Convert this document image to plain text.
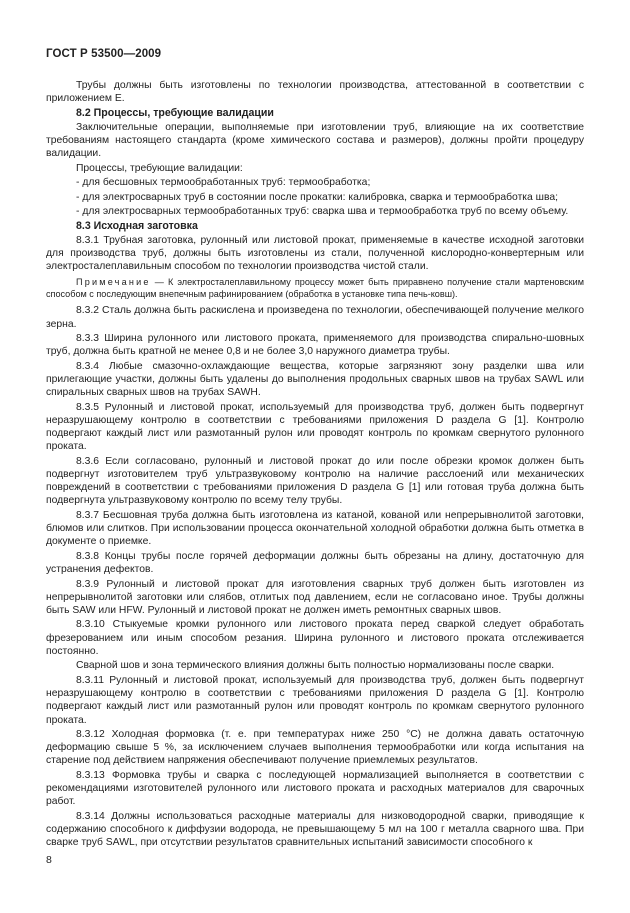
ГОСТ Р 53500—2009

Трубы должны быть изготовлены по технологии производства, аттестованной в соответствии с приложением Е.

8.2 Процессы, требующие валидации

Заключительные операции, выполняемые при изготовлении труб, влияющие на их соответствие требованиям настоящего стандарта (кроме химического состава и размеров), должны пройти процедуру валидации.

Процессы, требующие валидации:

- для бесшовных термообработанных труб: термообработка;

- для электросварных труб в состоянии после прокатки: калибровка, сварка и термообработка шва;

- для электросварных термообработанных труб: сварка шва и термообработка труб по всему объему.

8.3 Исходная заготовка

8.3.1 Трубная заготовка, рулонный или листовой прокат, применяемые в качестве исходной заготовки для производства труб, должны быть изготовлены из стали, полученной кислородно-конвертерным или электросталеплавильным способом по технологии производства чистой стали.

Примечание — К электросталеплавильному процессу может быть приравнено получение стали мартеновским способом с последующим внепечным рафинированием (обработка в установке типа печь-ковш).

8.3.2 Сталь должна быть раскислена и произведена по технологии, обеспечивающей получение мелкого зерна.

8.3.3 Ширина рулонного или листового проката, применяемого для производства спирально-шовных труб, должна быть кратной не менее 0,8 и не более 3,0 наружного диаметра трубы.

8.3.4 Любые смазочно-охлаждающие вещества, которые загрязняют зону разделки шва или прилегающие участки, должны быть удалены до выполнения продольных сварных швов на трубах SAWL или спиральных сварных швов на трубах SAWH.

8.3.5 Рулонный и листовой прокат, используемый для производства труб, должен быть подвергнут неразрушающему контролю в соответствии с требованиями приложения D раздела G [1]. Контролю подвергают каждый лист или размотанный рулон или проводят контроль по кромкам свернутого рулонного проката.

8.3.6 Если согласовано, рулонный и листовой прокат до или после обрезки кромок должен быть подвергнут изготовителем труб ультразвуковому контролю на наличие расслоений или механических повреждений в соответствии с требованиями приложения D раздела G [1] или готовая труба должна быть подвергнута ультразвуковому контролю по всему телу трубы.

8.3.7 Бесшовная труба должна быть изготовлена из катаной, кованой или непрерывнолитой заготовки, блюмов или слитков. При использовании процесса окончательной холодной обработки должна быть отметка в документе о приемке.

8.3.8 Концы трубы после горячей деформации должны быть обрезаны на длину, достаточную для устранения дефектов.

8.3.9 Рулонный и листовой прокат для изготовления сварных труб должен быть изготовлен из непрерывнолитой заготовки или слябов, отлитых под давлением, если не согласовано иное. Трубы должны быть SAW или HFW. Рулонный и листовой прокат не должен иметь ремонтных сварных швов.

8.3.10 Стыкуемые кромки рулонного или листового проката перед сваркой следует обработать фрезерованием или иным способом резания. Ширина рулонного и листового проката отслеживается постоянно.

Сварной шов и зона термического влияния должны быть полностью нормализованы после сварки.

8.3.11 Рулонный и листовой прокат, используемый для производства труб, должен быть подвергнут неразрушающему контролю в соответствии с требованиями приложения D раздела G [1]. Контролю подвергают каждый лист или размотанный рулон или проводят контроль по кромкам свернутого рулонного проката.

8.3.12 Холодная формовка (т. е. при температурах ниже 250 °С) не должна давать остаточную деформацию свыше 5 %, за исключением случаев выполнения термообработки или когда испытания на старение под действием напряжения обеспечивают получение приемлемых результатов.

8.3.13 Формовка трубы и сварка с последующей нормализацией выполняется в соответствии с рекомендациями изготовителей рулонного или листового проката и расходных материалов для сварочных работ.

8.3.14 Должны использоваться расходные материалы для низководородной сварки, приводящие к содержанию способного к диффузии водорода, не превышающему 5 мл на 100 г металла сварного шва. При сварке труб SAWL, при отсутствии результатов сравнительных испытаний зависимости способного к

8
